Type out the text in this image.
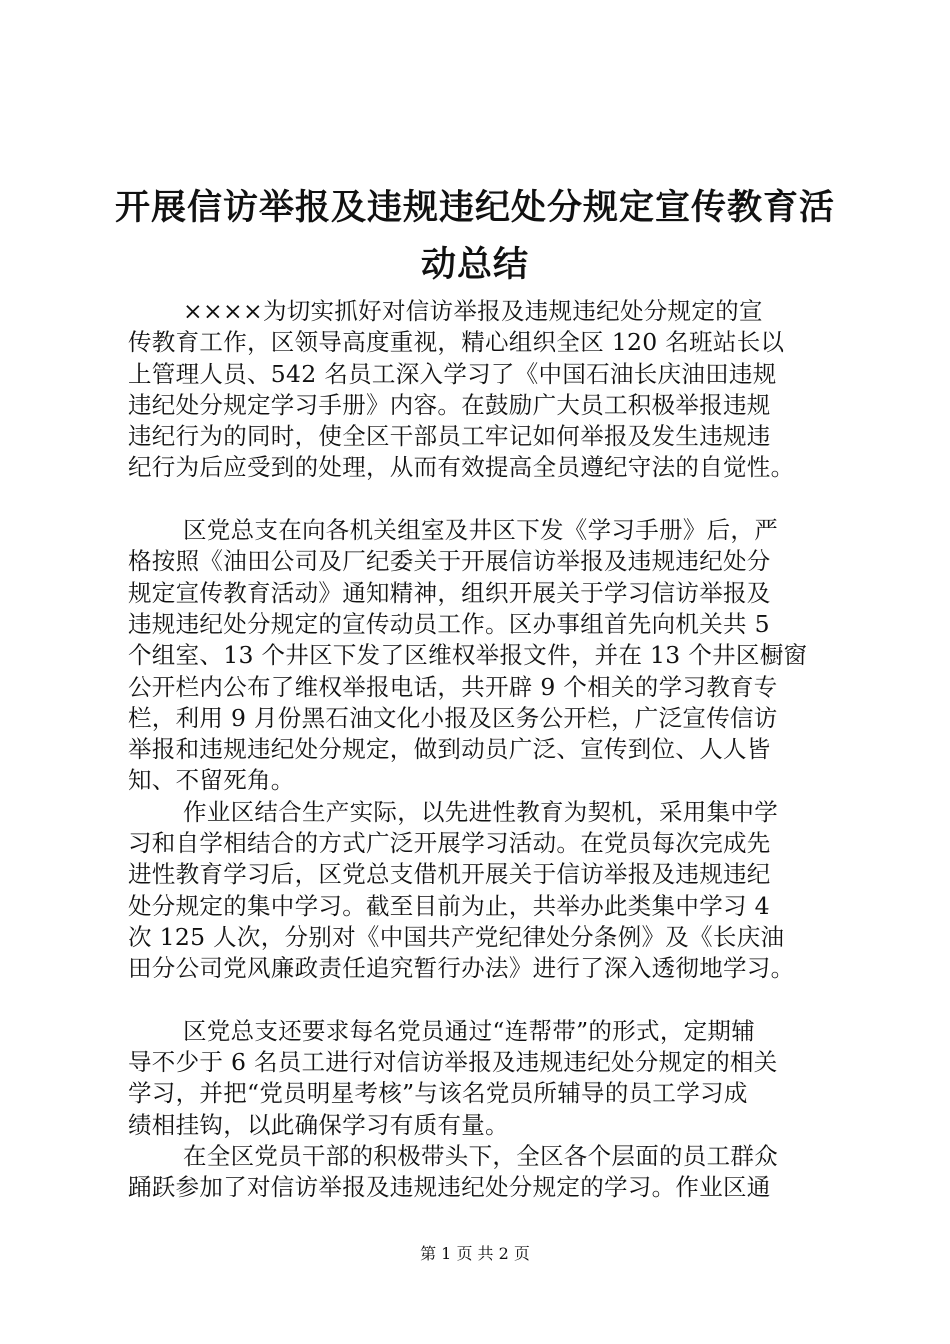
开展信访举报及违规违纪处分规定宣传教育活
动总结
××××为切实抓好对信访举报及违规违纪处分规定的宣
传教育工作，区领导高度重视，精心组织全区 120 名班站长以
上管理人员、542 名员工深入学习了《中国石油长庆油田违规
违纪处分规定学习手册》内容。在鼓励广大员工积极举报违规
违纪行为的同时，使全区干部员工牢记如何举报及发生违规违
纪行为后应受到的处理，从而有效提高全员遵纪守法的自觉性。
区党总支在向各机关组室及井区下发《学习手册》后，严
格按照《油田公司及厂纪委关于开展信访举报及违规违纪处分
规定宣传教育活动》通知精神，组织开展关于学习信访举报及
违规违纪处分规定的宣传动员工作。区办事组首先向机关共 5
个组室、13 个井区下发了区维权举报文件，并在 13 个井区橱窗
公开栏内公布了维权举报电话，共开辟 9 个相关的学习教育专
栏，利用 9 月份黑石油文化小报及区务公开栏，广泛宣传信访
举报和违规违纪处分规定，做到动员广泛、宣传到位、人人皆
知、不留死角。
作业区结合生产实际，以先进性教育为契机，采用集中学
习和自学相结合的方式广泛开展学习活动。在党员每次完成先
进性教育学习后，区党总支借机开展关于信访举报及违规违纪
处分规定的集中学习。截至目前为止，共举办此类集中学习 4
次 125 人次，分别对《中国共产党纪律处分条例》及《长庆油
田分公司党风廉政责任追究暂行办法》进行了深入透彻地学习。
区党总支还要求每名党员通过“连帮带”的形式，定期辅
导不少于 6 名员工进行对信访举报及违规违纪处分规定的相关
学习，并把“党员明星考核”与该名党员所辅导的员工学习成
绩相挂钩，以此确保学习有质有量。
在全区党员干部的积极带头下，全区各个层面的员工群众
踊跃参加了对信访举报及违规违纪处分规定的学习。作业区通
第 1 页 共 2 页
